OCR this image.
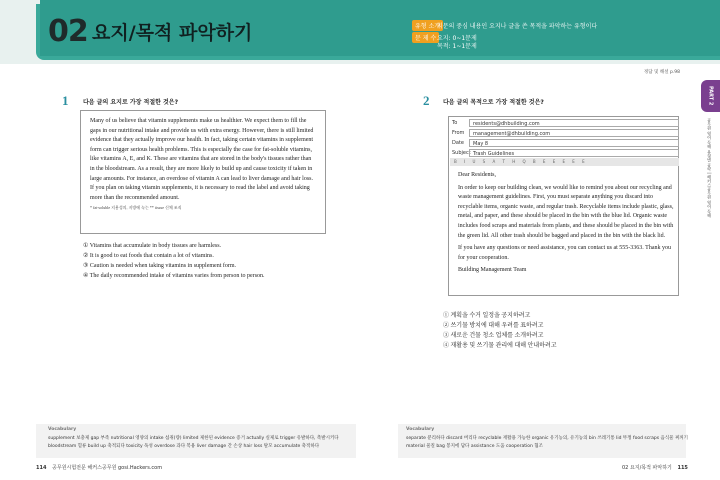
02 요지/목적 파악하기	유형 소개
지문의 중심 내용인 요지나 글을 쓴 목적을 파악하는 유형이다
문 제 수 요지: 0~1문제
목적: 1~1문제
정답 및 해설 p.98
PART 2
공무원 영어 독해 유형별 공략 | 해커스공무원 영어 독해
1 다음 글의 요지로 가장 적절한 것은?
Many of us believe that vitamin supplements make us healthier. We expect them to fill the gaps in our nutritional intake and provide us with extra energy. However, there is still limited evidence that they actually improve our health. In fact, taking certain vitamins in supplement form can trigger serious health problems. This is especially the case for fat-soluble vitamins, like vitamins A, E, and K. These are vitamins that are stored in the body's tissues rather than in the bloodstream. As a result, they are more likely to build up and cause toxicity if taken in large amounts. For instance, an overdose of vitamin A can lead to liver damage and hair loss. If you plan on taking vitamin supplements, it is necessary to read the label and avoid taking more than the recommended amount.
* fat-soluble 지용성의, 지방에 녹는 ** tissue 신체 조직
① Vitamins that accumulate in body tissues are harmless.
② It is good to eat foods that contain a lot of vitamins.
③ Caution is needed when taking vitamins in supplement form.
④ The daily recommended intake of vitamins varies from person to person.
2 다음 글의 목적으로 가장 적절한 것은?
To	residents@dhbuilding.com
From	management@dhbuilding.com
Date	May 8
Subject Trash Guidelines
B I U S A T H Q B E E E E E

Dear Residents,

In order to keep our building clean, we would like to remind you about our recycling and waste management guidelines. First, you must separate anything you discard into recyclable items, organic waste, and regular trash. Recyclable items include plastic, glass, metal, and paper, and these should be placed in the bin with the blue lid. Organic waste includes food scraps and materials from plants, and these should be placed in the bin with the green lid. All other trash should be bagged and placed in the bin with the black lid.

If you have any questions or need assistance, you can contact us at 555-3363. Thank you for your cooperation.

Building Management Team

① 계획을 수거 일정을 공지하려고
② 쓰기물 방치에 대해 우려를 표하려고
③ 새로운 건물 청소 업체를 소개하려고
④ 재활용 및 쓰기물 관리에 대해 안내하려고
Vocabulary
supplement 보충제 gap 부족 nutritional 영양의 intake 섭취(량) limited 제한된 evidence 증거 actually 실제로 trigger 유발하다, 촉발시키다
bloodstream 혈류 build up 축적되다 toxicity 독성 overdose 과다 복용 liver damage 간 손상 hair loss 탈모 accumulate 축적하다
Vocabulary
separate 분리하다 discard 버리다 recyclable 재활용 가능한 organic 유기농의, 유기농의 bin 쓰레기통 lid 뚜껑 food scraps 음식물 찌꺼기
material 물질 bag 봉지에 담다 assistance 도움 cooperation 협조
114 공무원시험전문 해커스공무원 gosi.Hackers.com	02 요지/목적 파악하기 115
